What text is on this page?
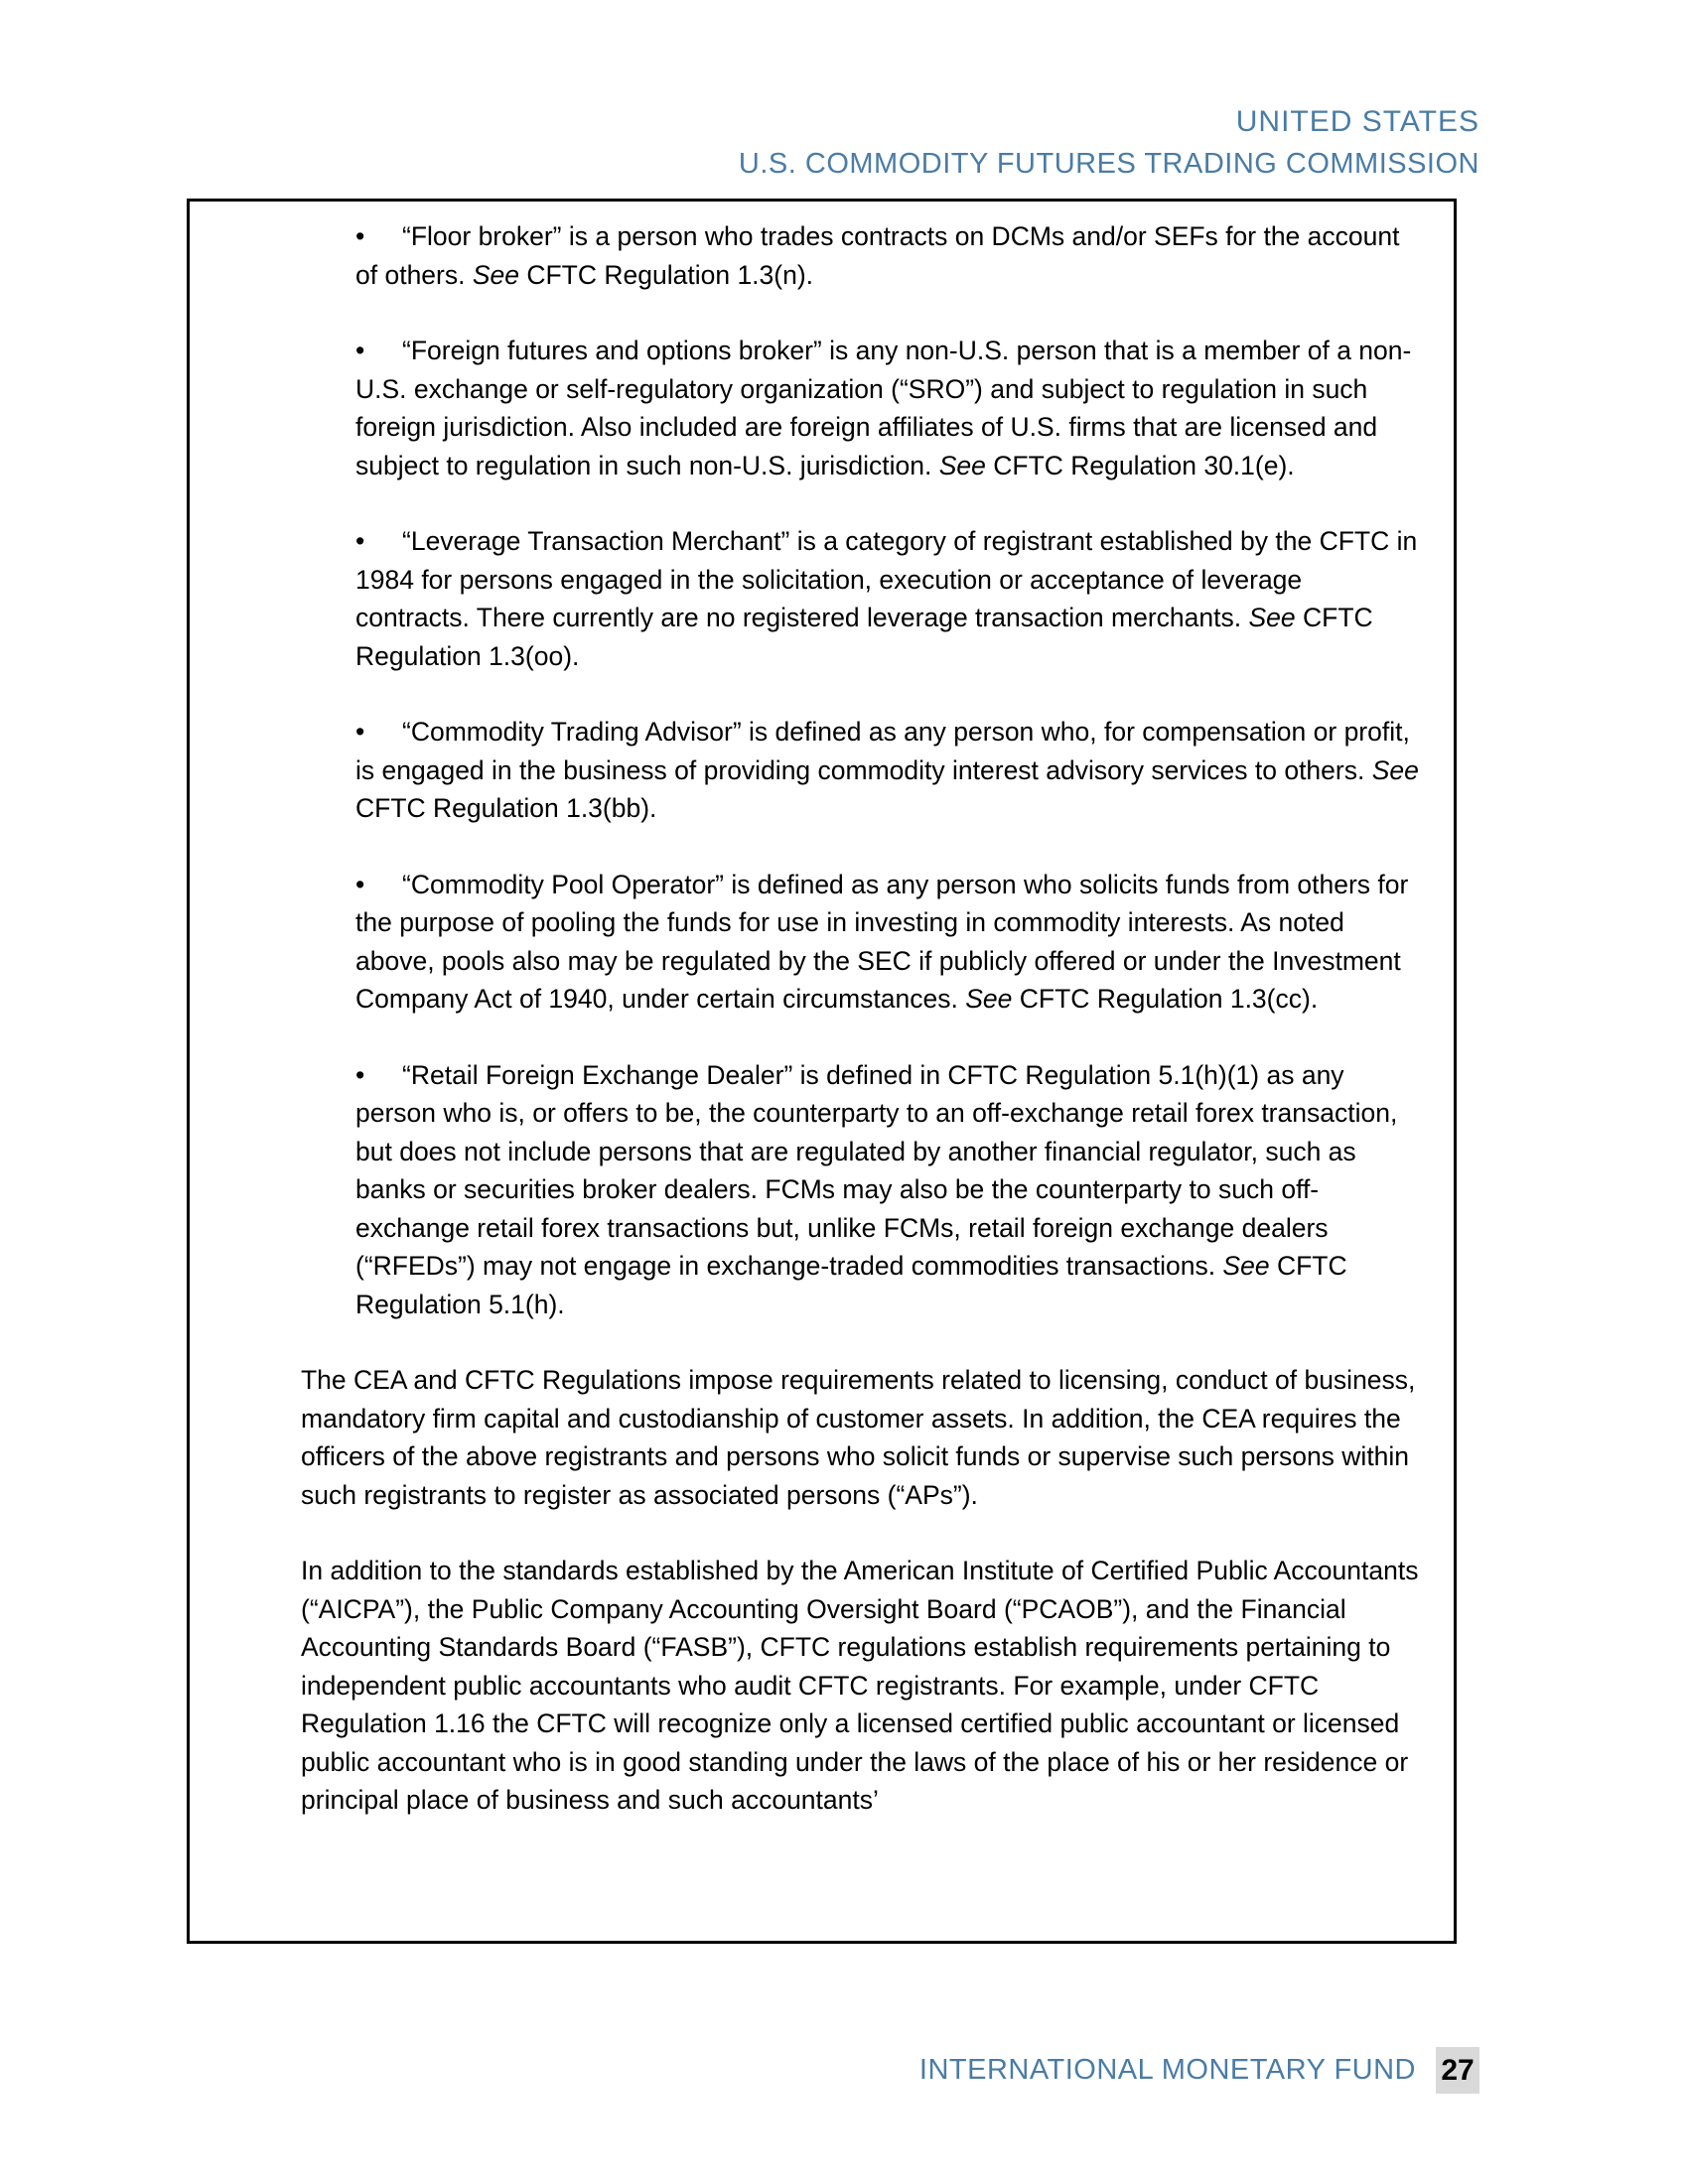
UNITED STATES
U.S. COMMODITY FUTURES TRADING COMMISSION
• “Floor broker” is a person who trades contracts on DCMs and/or SEFs for the account of others. See CFTC Regulation 1.3(n).
• “Foreign futures and options broker” is any non-U.S. person that is a member of a non-U.S. exchange or self-regulatory organization (“SRO”) and subject to regulation in such foreign jurisdiction. Also included are foreign affiliates of U.S. firms that are licensed and subject to regulation in such non-U.S. jurisdiction. See CFTC Regulation 30.1(e).
• “Leverage Transaction Merchant” is a category of registrant established by the CFTC in 1984 for persons engaged in the solicitation, execution or acceptance of leverage contracts. There currently are no registered leverage transaction merchants. See CFTC Regulation 1.3(oo).
• “Commodity Trading Advisor” is defined as any person who, for compensation or profit, is engaged in the business of providing commodity interest advisory services to others. See CFTC Regulation 1.3(bb).
• “Commodity Pool Operator” is defined as any person who solicits funds from others for the purpose of pooling the funds for use in investing in commodity interests. As noted above, pools also may be regulated by the SEC if publicly offered or under the Investment Company Act of 1940, under certain circumstances. See CFTC Regulation 1.3(cc).
• “Retail Foreign Exchange Dealer” is defined in CFTC Regulation 5.1(h)(1) as any person who is, or offers to be, the counterparty to an off-exchange retail forex transaction, but does not include persons that are regulated by another financial regulator, such as banks or securities broker dealers. FCMs may also be the counterparty to such off-exchange retail forex transactions but, unlike FCMs, retail foreign exchange dealers (“RFEDs”) may not engage in exchange-traded commodities transactions. See CFTC Regulation 5.1(h).
The CEA and CFTC Regulations impose requirements related to licensing, conduct of business, mandatory firm capital and custodianship of customer assets. In addition, the CEA requires the officers of the above registrants and persons who solicit funds or supervise such persons within such registrants to register as associated persons (“APs”).
In addition to the standards established by the American Institute of Certified Public Accountants (“AICPA”), the Public Company Accounting Oversight Board (“PCAOB”), and the Financial Accounting Standards Board (“FASB”), CFTC regulations establish requirements pertaining to independent public accountants who audit CFTC registrants. For example, under CFTC Regulation 1.16 the CFTC will recognize only a licensed certified public accountant or licensed public accountant who is in good standing under the laws of the place of his or her residence or principal place of business and such accountants’
INTERNATIONAL MONETARY FUND 27
